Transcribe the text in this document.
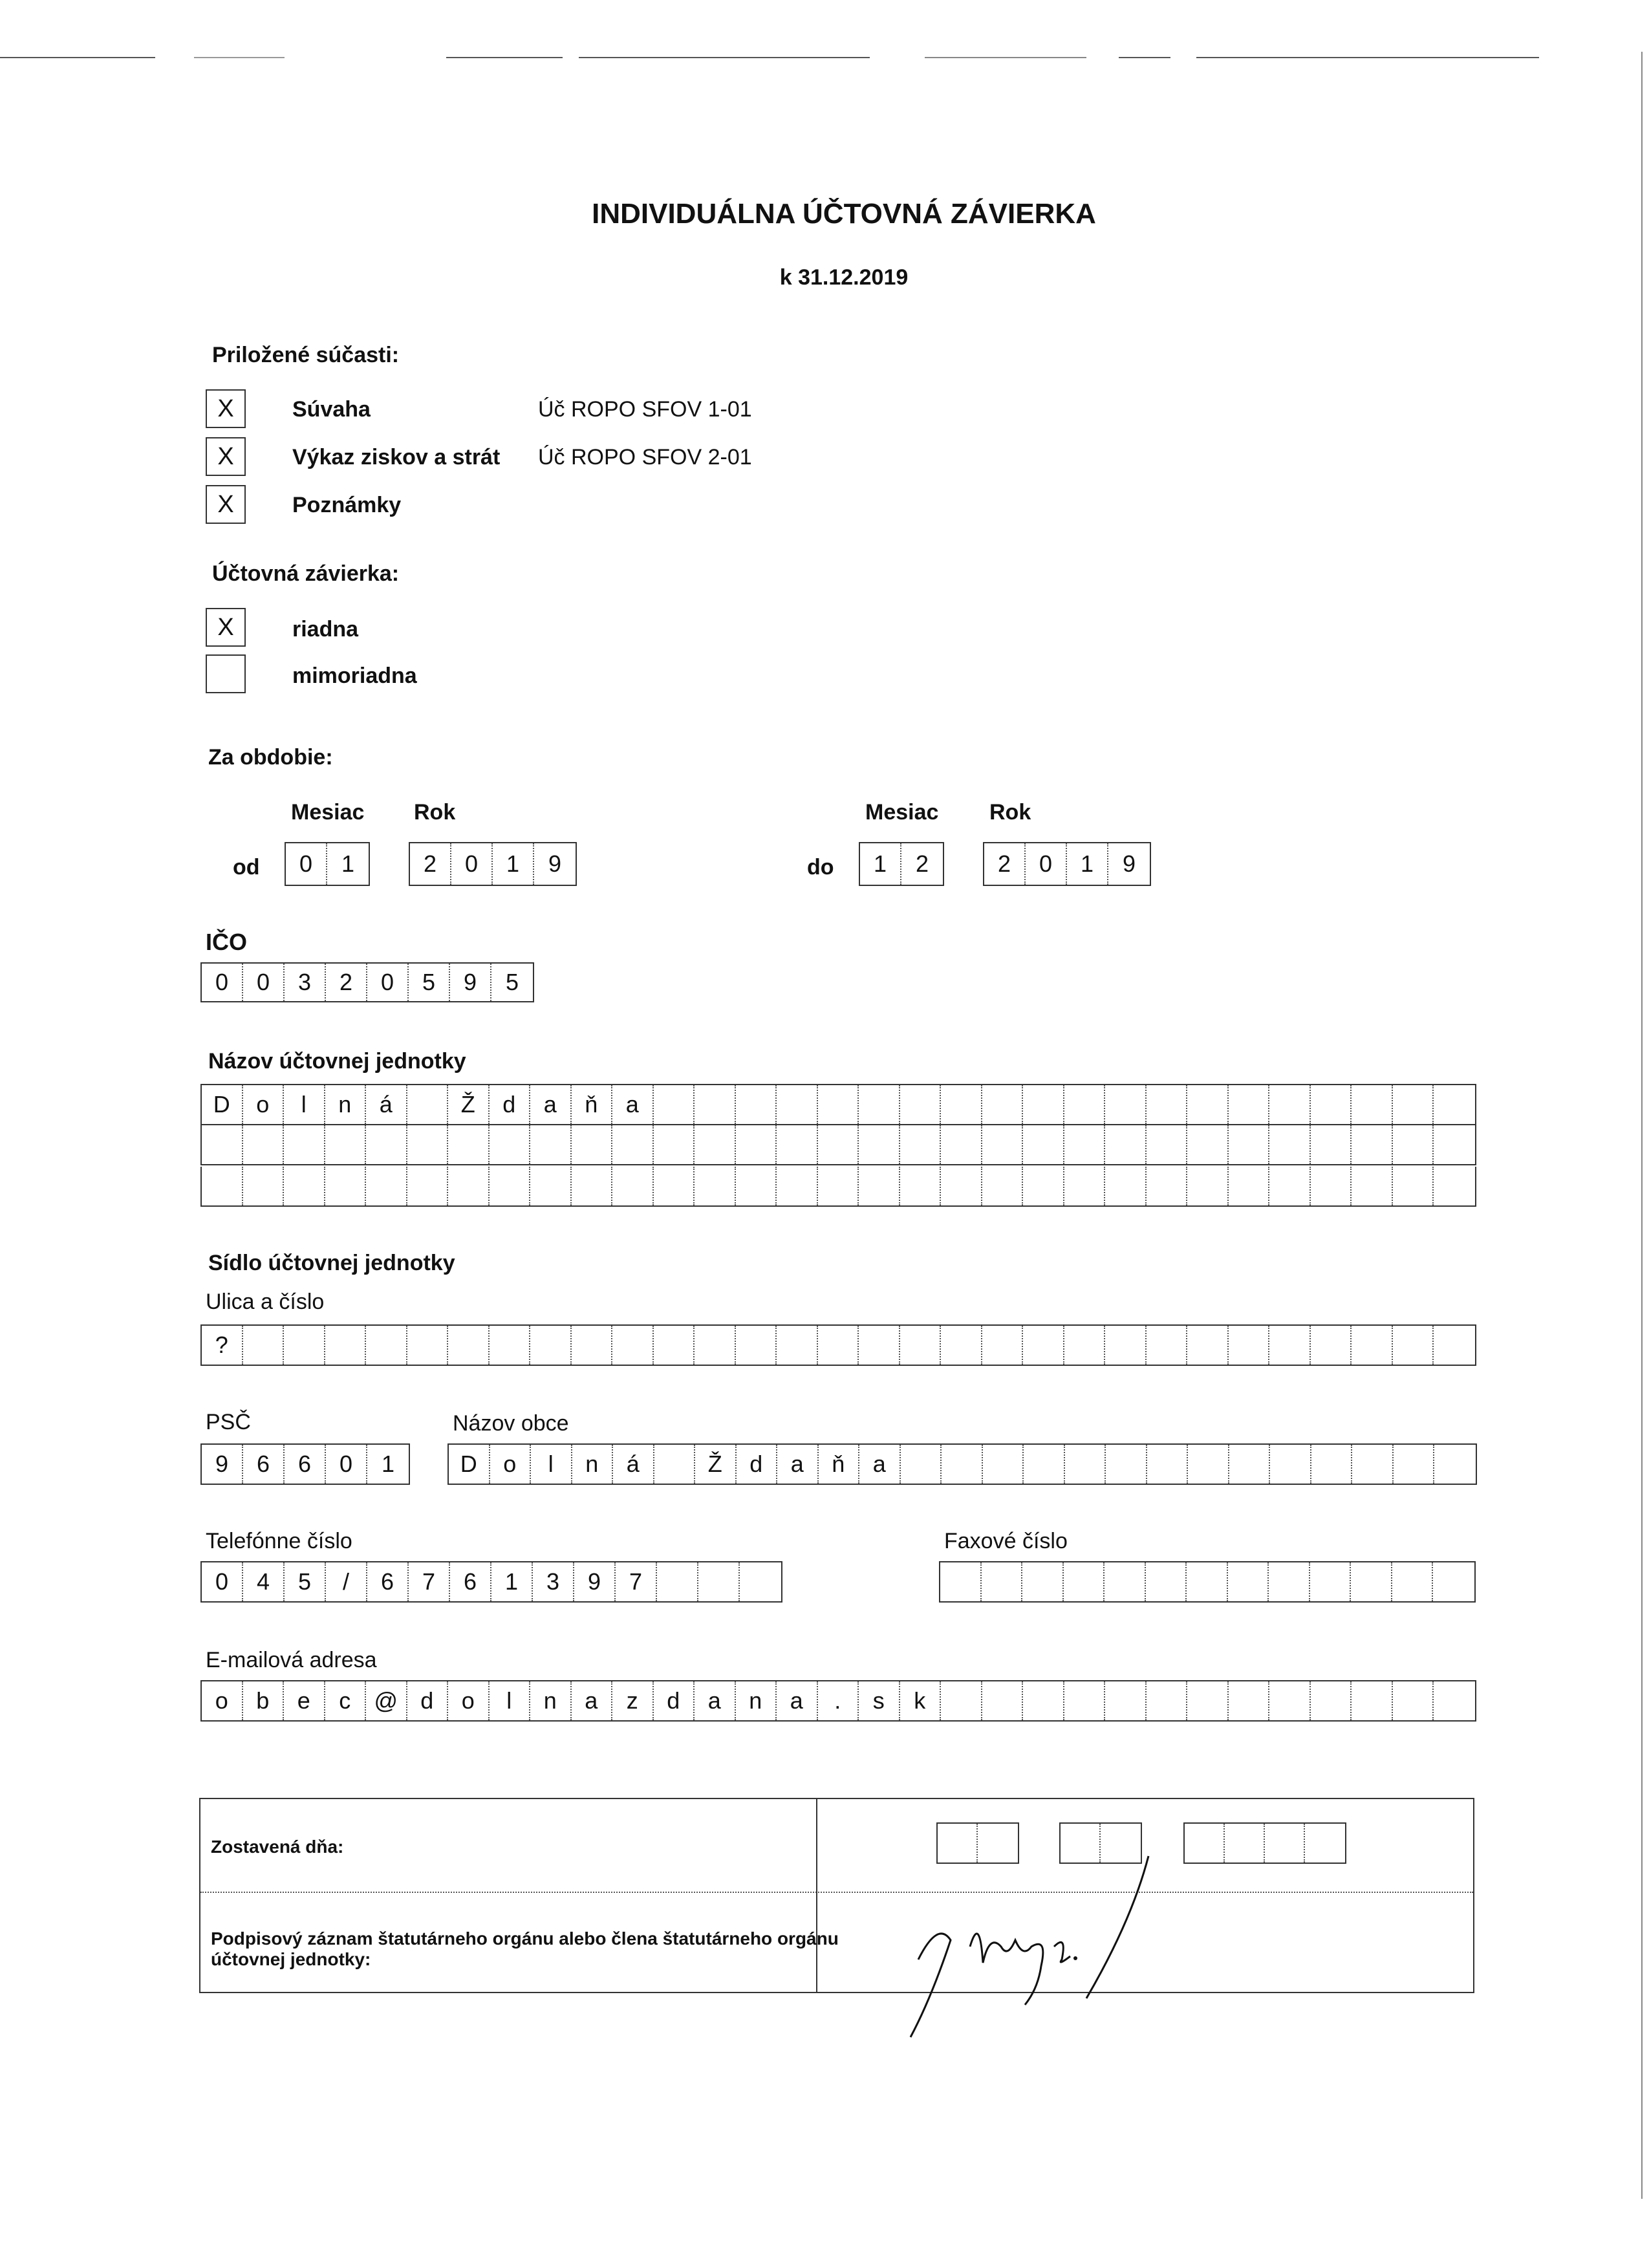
INDIVIDUÁLNA ÚČTOVNÁ ZÁVIERKA
k 31.12.2019
Priložené súčasti:
X	Súvaha	Úč ROPO SFOV 1-01
X	Výkaz ziskov a strát Úč ROPO SFOV 2-01
X	Poznámky
Účtovná závierka:
X	riadna
mimoriadna
Za obdobie:
Mesiac Rok	Mesiac Rok
od	0	1	2	0	1	9	do	1	2	2	0	1	9
IČO
0	0	3	2	0	5	9	5
Názov účtovnej jednotky
D	o	l	n	á	Ž	d	a	ň	a
Sídlo účtovnej jednotky
Ulica a číslo
?
PSČ	Názov obce
9	6	6	0	1	D	o	l	n	á	Ž	d	a	ň	a
Telefónne číslo
0	4	5	/	6	7	6	1	3	9	7
Faxové číslo
E-mailová adresa
o	b	e	c	@ d	o	l	n	a	z	d	a	n	a	.	s	k
Zostavená dňa:
Podpisový záznam štatutárneho orgánu alebo člena štatutárneho orgánu
účtovnej jednotky:
